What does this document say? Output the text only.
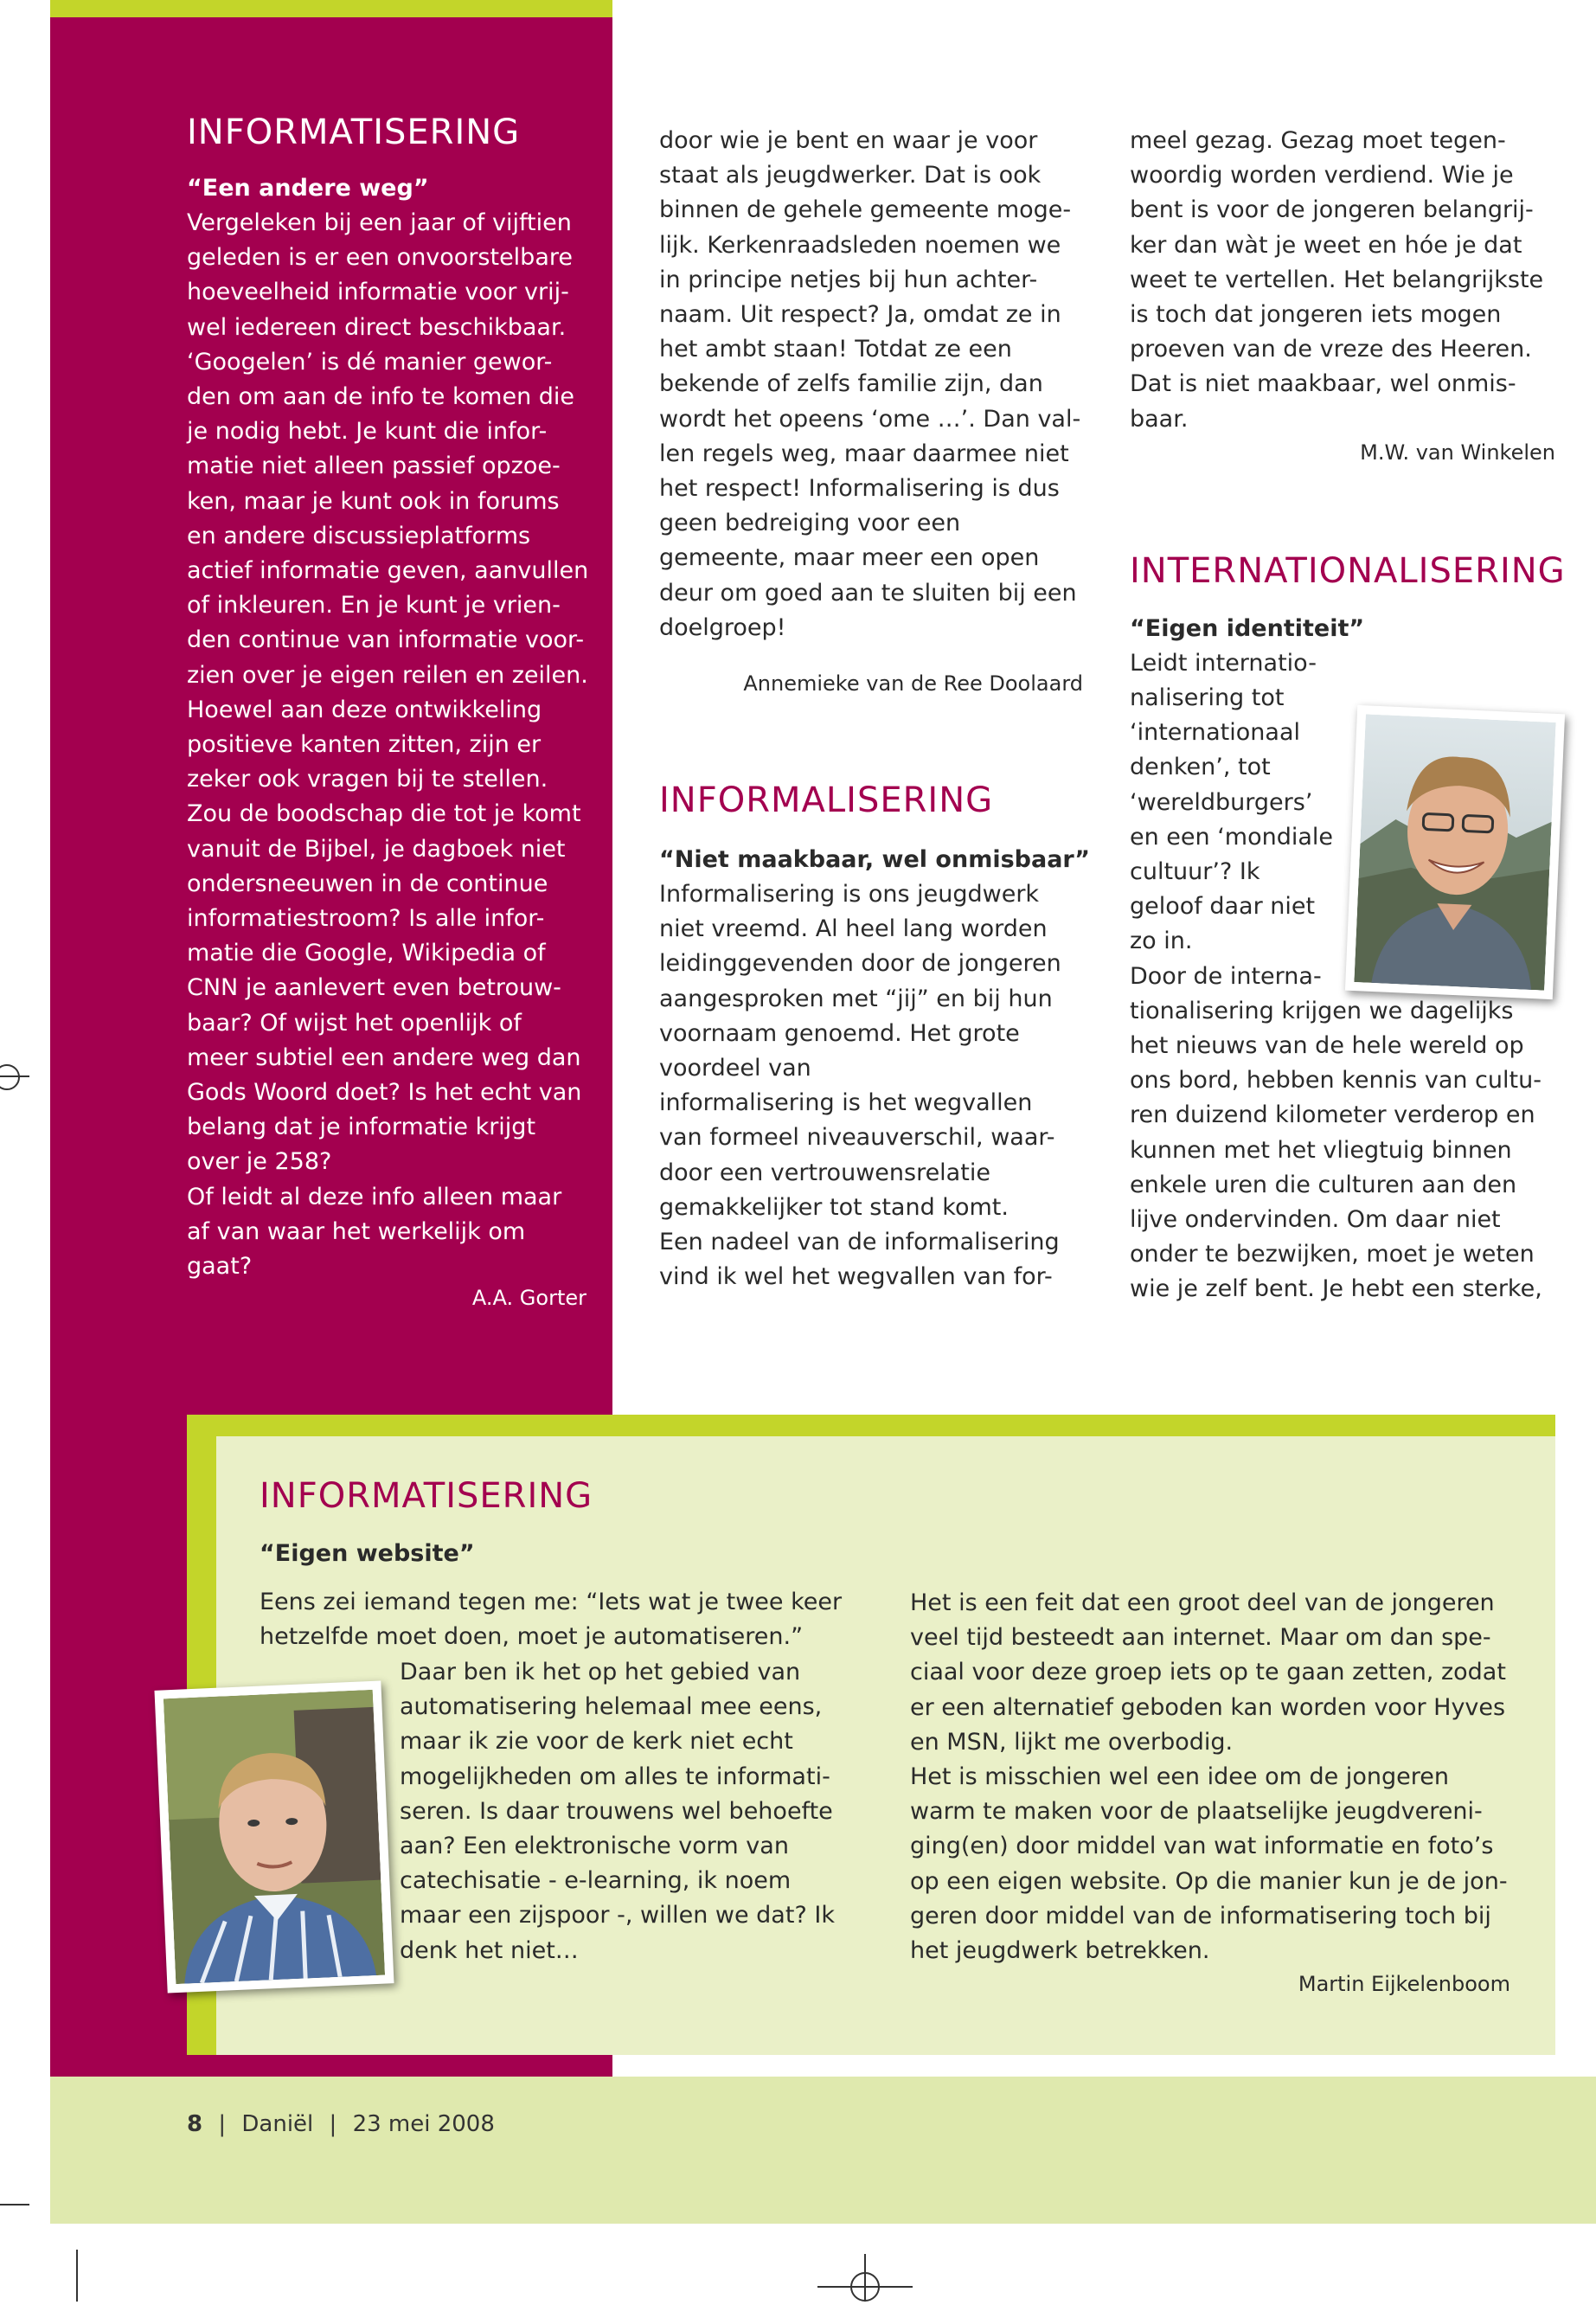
INFORMATISERING

“Een andere weg”

Vergeleken bij een jaar of vijftien
geleden is er een onvoorstelbare
hoeveelheid informatie voor vrij-
wel iedereen direct beschikbaar.
‘Googelen’ is dé manier gewor-
den om aan de info te komen die
je nodig hebt. Je kunt die infor-
matie niet alleen passief opzoe-
ken, maar je kunt ook in forums
en andere discussieplatforms
actief informatie geven, aanvullen
of inkleuren. En je kunt je vrien-
den continue van informatie voor-
zien over je eigen reilen en zeilen.
Hoewel aan deze ontwikkeling
positieve kanten zitten, zijn er
zeker ook vragen bij te stellen.
Zou de boodschap die tot je komt
vanuit de Bijbel, je dagboek niet
ondersneeuwen in de continue
informatiestroom? Is alle infor-
matie die Google, Wikipedia of
CNN je aanlevert even betrouw-
baar? Of wijst het openlijk of
meer subtiel een andere weg dan
Gods Woord doet? Is het echt van
belang dat je informatie krijgt
over je 258?
Of leidt al deze info alleen maar
af van waar het werkelijk om
gaat?

A.A. Gorter

door wie je bent en waar je voor
staat als jeugdwerker. Dat is ook
binnen de gehele gemeente moge-
lijk. Kerkenraadsleden noemen we
in principe netjes bij hun achter-
naam. Uit respect? Ja, omdat ze in
het ambt staan! Totdat ze een
bekende of zelfs familie zijn, dan
wordt het opeens ‘ome …’. Dan val-
len regels weg, maar daarmee niet
het respect! Informalisering is dus
geen bedreiging voor een
gemeente, maar meer een open
deur om goed aan te sluiten bij een
doelgroep!

Annemieke van de Ree Doolaard

INFORMALISERING

“Niet maakbaar, wel onmisbaar”

Informalisering is ons jeugdwerk
niet vreemd. Al heel lang worden
leidinggevenden door de jongeren
aangesproken met “jij” en bij hun
voornaam genoemd. Het grote
voordeel van
informalisering is het wegvallen
van formeel niveauverschil, waar-
door een vertrouwensrelatie
gemakkelijker tot stand komt.
Een nadeel van de informalisering
vind ik wel het wegvallen van for-

meel gezag. Gezag moet tegen-
woordig worden verdiend. Wie je
bent is voor de jongeren belangrij-
ker dan wàt je weet en hóe je dat
weet te vertellen. Het belangrijkste
is toch dat jongeren iets mogen
proeven van de vreze des Heeren.
Dat is niet maakbaar, wel onmis-
baar.

M.W. van Winkelen

INTERNATIONALISERING

“Eigen identiteit”

Leidt internatio-
nalisering tot
‘internationaal
denken’, tot
‘wereldburgers’
en een ‘mondiale
cultuur’? Ik
geloof daar niet
zo in.

Door de interna-
tionalisering krijgen we dagelijks
het nieuws van de hele wereld op
ons bord, hebben kennis van cultu-
ren duizend kilometer verderop en
kunnen met het vliegtuig binnen
enkele uren die culturen aan den
lijve ondervinden. Om daar niet
onder te bezwijken, moet je weten
wie je zelf bent. Je hebt een sterke,

INFORMATISERING

“Eigen website”

Eens zei iemand tegen me: “Iets wat je twee keer
hetzelfde moet doen, moet je automatiseren.”

Daar ben ik het op het gebied van
automatisering helemaal mee eens,
maar ik zie voor de kerk niet echt
mogelijkheden om alles te informati-
seren. Is daar trouwens wel behoefte
aan? Een elektronische vorm van
catechisatie - e-learning, ik noem
maar een zijspoor -, willen we dat? Ik
denk het niet…

Het is een feit dat een groot deel van de jongeren
veel tijd besteedt aan internet. Maar om dan spe-
ciaal voor deze groep iets op te gaan zetten, zodat
er een alternatief geboden kan worden voor Hyves
en MSN, lijkt me overbodig.
Het is misschien wel een idee om de jongeren
warm te maken voor de plaatselijke jeugdvereni-
ging(en) door middel van wat informatie en foto’s
op een eigen website. Op die manier kun je de jon-
geren door middel van de informatisering toch bij
het jeugdwerk betrekken.

Martin Eijkelenboom

8 | Daniël | 23 mei 2008
